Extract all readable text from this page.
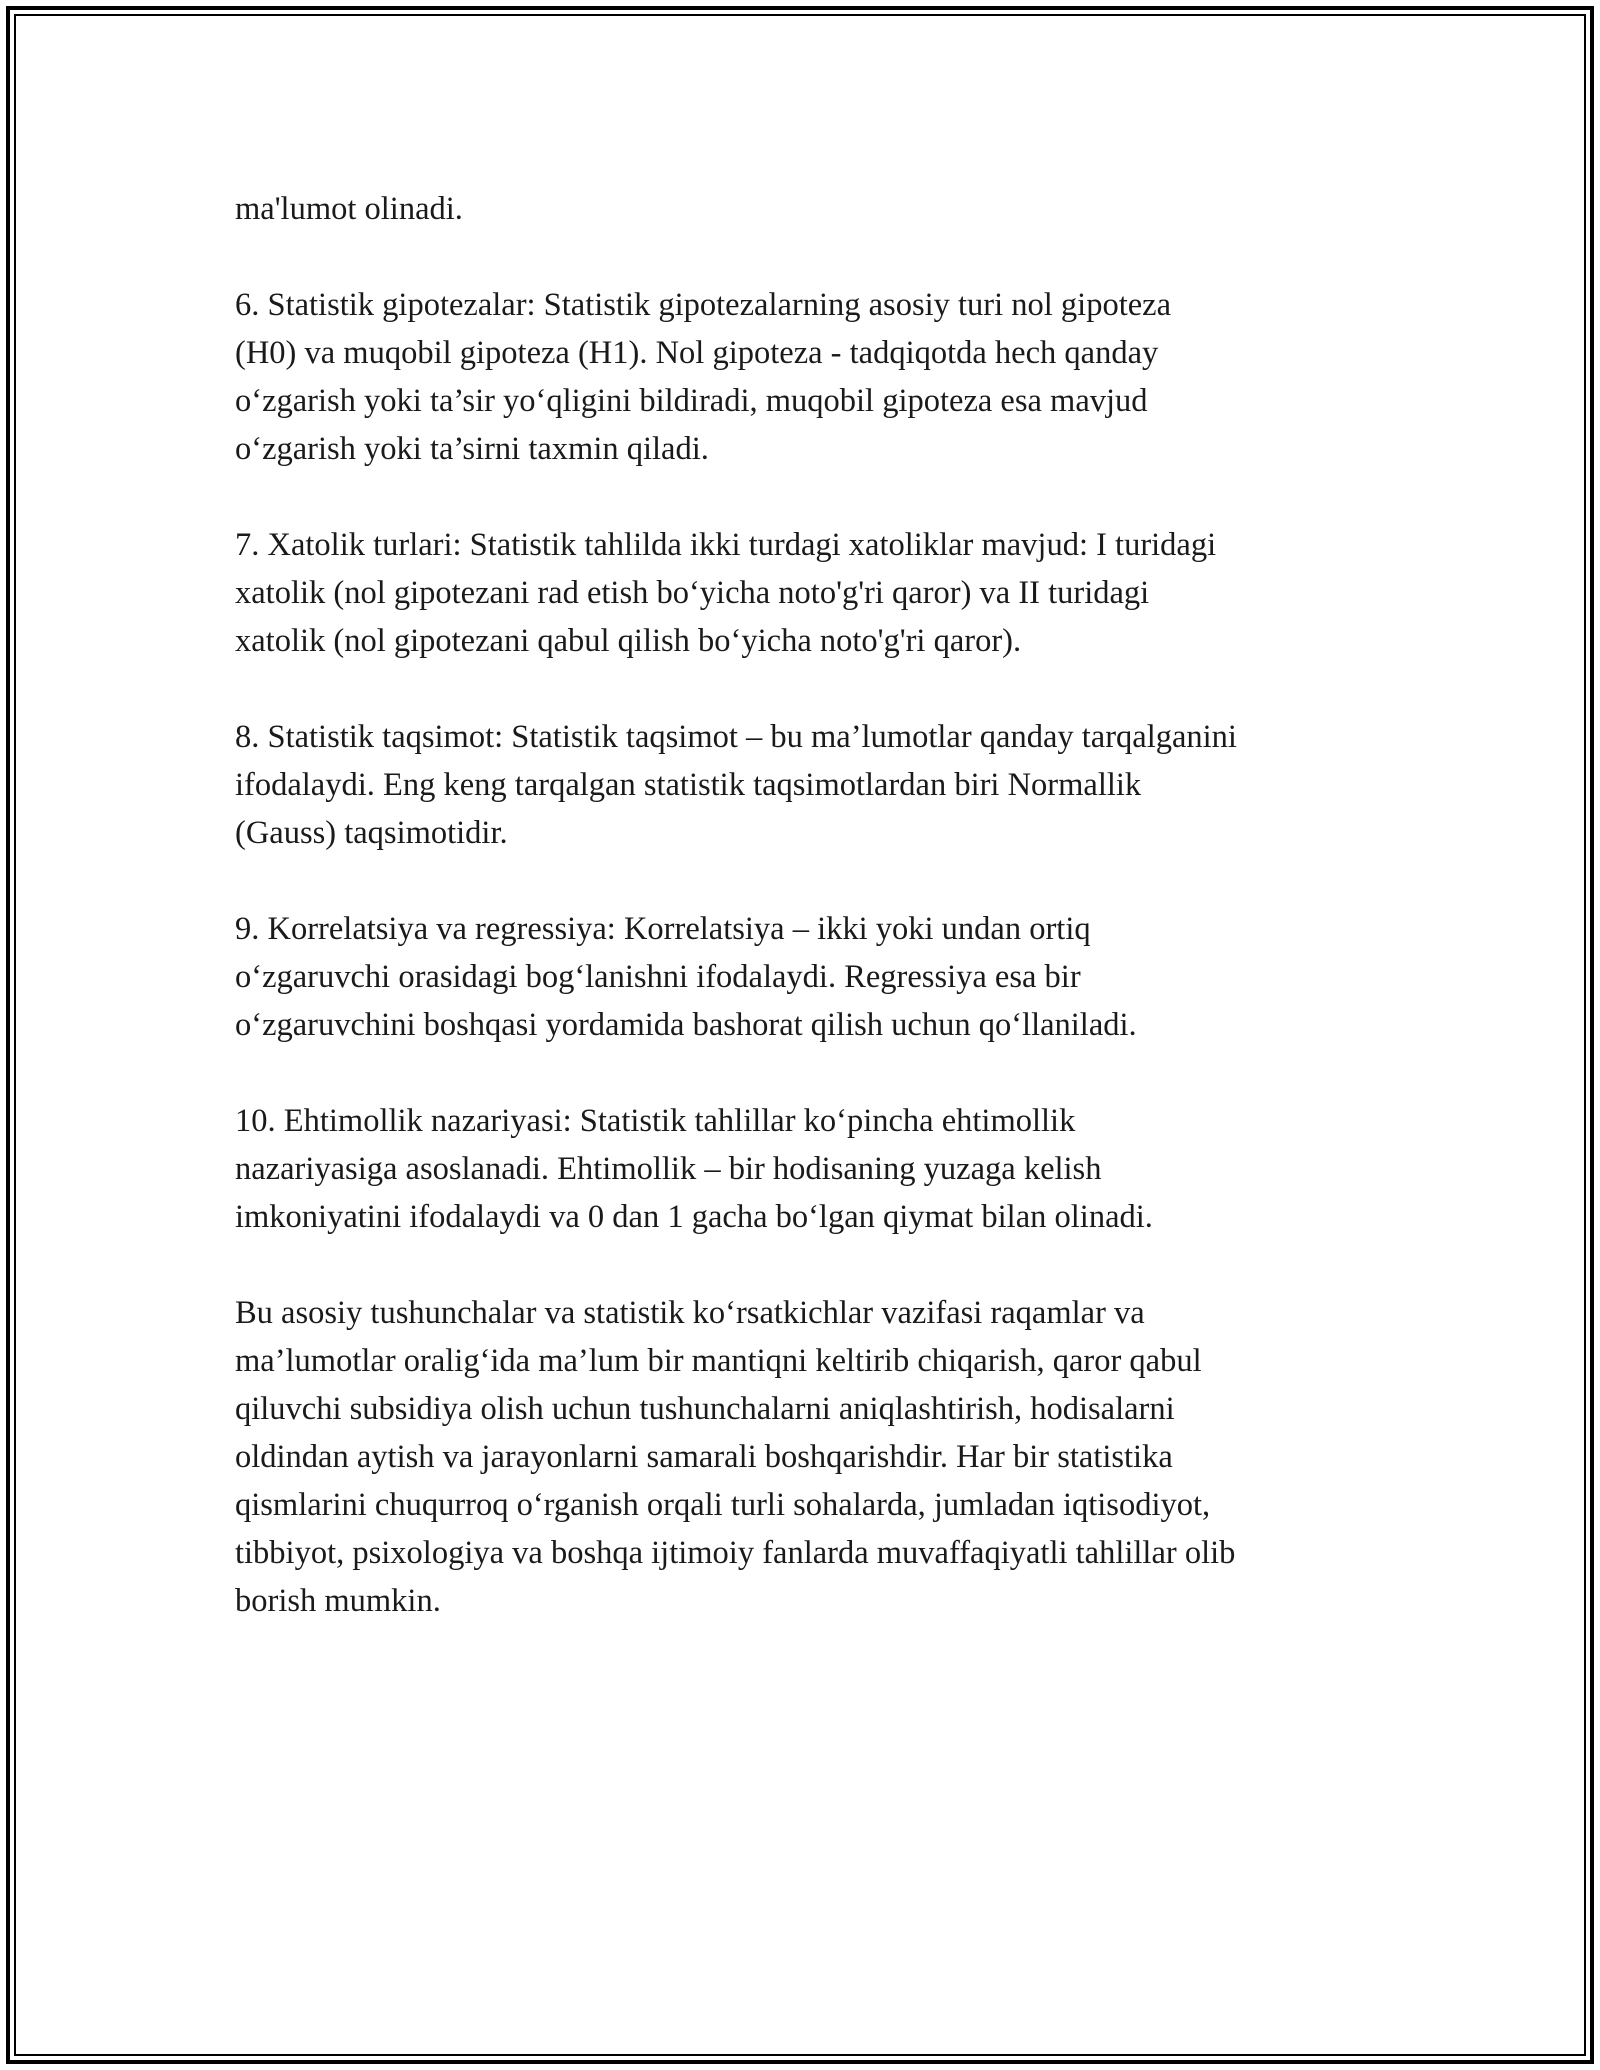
ma'lumot olinadi.

6. Statistik gipotezalar: Statistik gipotezalarning asosiy turi nol gipoteza
(H0) va muqobil gipoteza (H1). Nol gipoteza - tadqiqotda hech qanday
o‘zgarish yoki ta’sir yo‘qligini bildiradi, muqobil gipoteza esa mavjud
o‘zgarish yoki ta’sirni taxmin qiladi.

7. Xatolik turlari: Statistik tahlilda ikki turdagi xatoliklar mavjud: I turidagi
xatolik (nol gipotezani rad etish bo‘yicha noto'g'ri qaror) va II turidagi
xatolik (nol gipotezani qabul qilish bo‘yicha noto'g'ri qaror).

8. Statistik taqsimot: Statistik taqsimot – bu ma’lumotlar qanday tarqalganini
ifodalaydi. Eng keng tarqalgan statistik taqsimotlardan biri Normallik
(Gauss) taqsimotidir.

9. Korrelatsiya va regressiya: Korrelatsiya – ikki yoki undan ortiq
o‘zgaruvchi orasidagi bog‘lanishni ifodalaydi. Regressiya esa bir
o‘zgaruvchini boshqasi yordamida bashorat qilish uchun qo‘llaniladi.

10. Ehtimollik nazariyasi: Statistik tahlillar ko‘pincha ehtimollik
nazariyasiga asoslanadi. Ehtimollik – bir hodisaning yuzaga kelish
imkoniyatini ifodalaydi va 0 dan 1 gacha bo‘lgan qiymat bilan olinadi.

Bu asosiy tushunchalar va statistik ko‘rsatkichlar vazifasi raqamlar va
ma’lumotlar oralig‘ida ma’lum bir mantiqni keltirib chiqarish, qaror qabul
qiluvchi subsidiya olish uchun tushunchalarni aniqlashtirish, hodisalarni
oldindan aytish va jarayonlarni samarali boshqarishdir. Har bir statistika
qismlarini chuqurroq o‘rganish orqali turli sohalarda, jumladan iqtisodiyot,
tibbiyot, psixologiya va boshqa ijtimoiy fanlarda muvaffaqiyatli tahlillar olib
borish mumkin.
